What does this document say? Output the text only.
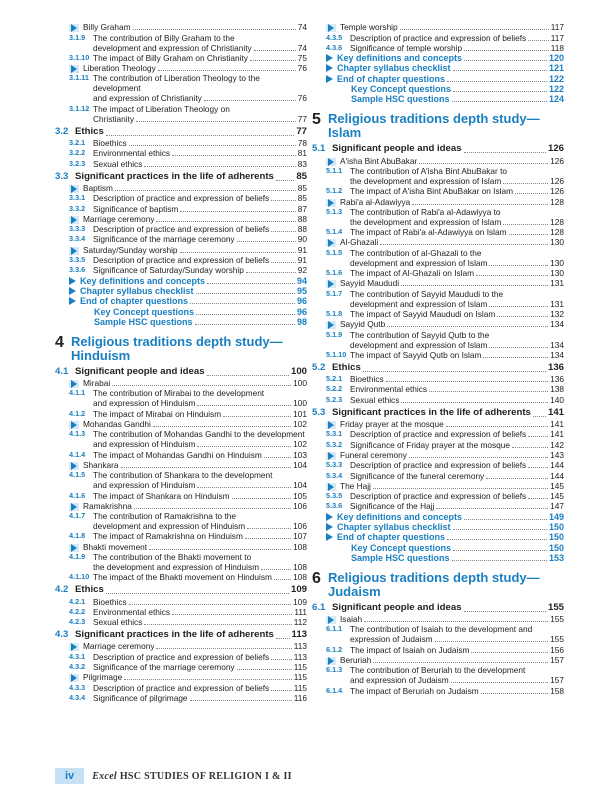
Billy Graham	74
3.1.9 The contribution of Billy Graham to the
development and expression of Christianity	74
3.1.10 The impact of Billy Graham on Christianity	75
Liberation Theology	76
3.1.11 The contribution of Liberation Theology to the development
and expression of Christianity	76
3.1.12 The impact of Liberation Theology on
Christianity	77
3.2 Ethics	77
3.2.1 Bioethics	78
3.2.2 Environmental ethics	81
3.2.3 Sexual ethics	83
3.3 Significant practices in the life of adherents 85
Baptism	85
3.3.1 Description of practice and expression of beliefs	85
3.3.2 Significance of baptism	87
Marriage ceremony	88
3.3.3 Description of practice and expression of beliefs	88
3.3.4 Significance of the marriage ceremony	90
Saturday/Sunday worship	91
3.3.5 Description of practice and expression of beliefs	91
3.3.6 Significance of Saturday/Sunday worship	92
Key definitions and concepts	94
Chapter syllabus checklist	95
End of chapter questions	96
Key Concept questions	96
Sample HSC questions	98
4 Religious traditions depth study—
Hinduism
4.1 Significant people and ideas	100
Mirabai	100
4.1.1 The contribution of Mirabai to the development
and expression of Hinduism	100
4.1.2 The impact of Mirabai on Hinduism	101
Mohandas Gandhi	102
4.1.3 The contribution of Mohandas Gandhi to the development
and expression of Hinduism	102
4.1.4 The impact of Mohandas Gandhi on Hinduism	103
Shankara	104
4.1.5 The contribution of Shankara to the development
and expression of Hinduism	104
4.1.6 The impact of Shankara on Hinduism	105
Ramakrishna	106
4.1.7 The contribution of Ramakrishna to the
development and expression of Hinduism	106
4.1.8 The impact of Ramakrishna on Hinduism	107
Bhakti movement	108
4.1.9 The contribution of the Bhakti movement to
the development and expression of Hinduism	108
4.1.10 The impact of the Bhakti movement on Hinduism	108
4.2 Ethics	109
4.2.1 Bioethics	109
4.2.2 Environmental ethics	111
4.2.3 Sexual ethics	112
4.3 Significant practices in the life of adherents 113
Marriage ceremony	113
4.3.1 Description of practice and expression of beliefs	113
4.3.2 Significance of the marriage ceremony	115
Pilgrimage	115
4.3.3 Description of practice and expression of beliefs	115
4.3.4 Significance of pilgrimage	116
Temple worship	117
4.3.5 Description of practice and expression of beliefs	117
4.3.6 Significance of temple worship	118
Key definitions and concepts	120
Chapter syllabus checklist	121
End of chapter questions	122
Key Concept questions	122
Sample HSC questions	124
5 Religious traditions depth study—
Islam
5.1 Significant people and ideas	126
A'isha Bint AbuBakar	126
5.1.1 The contribution of A'isha Bint AbuBakar to
the development and expression of Islam	126
5.1.2 The impact of A'isha Bint AbuBakar on Islam	126
Rabi'a al-Adawiyya	128
5.1.3 The contribution of Rabi'a al-Adawiyya to
the development and expression of Islam	128
5.1.4 The impact of Rabi'a al-Adawiyya on Islam	128
Al-Ghazali	130
5.1.5 The contribution of al-Ghazali to the
development and expression of Islam	130
5.1.6 The impact of Al-Ghazali on Islam	130
Sayyid Maududi	131
5.1.7 The contribution of Sayyid Maududi to the
development and expression of Islam	131
5.1.8 The impact of Sayyid Maududi on Islam	132
Sayyid Qutb	134
5.1.9 The contribution of Sayyid Qutb to the
development and expression of Islam	134
5.1.10 The impact of Sayyid Qutb on Islam	134
5.2 Ethics	136
5.2.1 Bioethics	136
5.2.2 Environmental ethics	138
5.2.3 Sexual ethics	140
5.3 Significant practices in the life of adherents 141
Friday prayer at the mosque	141
5.3.1 Description of practice and expression of beliefs	141
5.3.2 Significance of Friday prayer at the mosque	142
Funeral ceremony	143
5.3.3 Description of practice and expression of beliefs	144
5.3.4 Significance of the funeral ceremony	144
The Hajj	145
5.3.5 Description of practice and expression of beliefs	145
5.3.6 Significance of the Hajj	147
Key definitions and concepts	149
Chapter syllabus checklist	150
End of chapter questions	150
Key Concept questions	150
Sample HSC questions	153
6 Religious traditions depth study—
Judaism
6.1 Significant people and ideas	155
Isaiah	155
6.1.1 The contribution of Isaiah to the development and
expression of Judaism	155
6.1.2 The impact of Isaiah on Judaism	156
Beruriah	157
6.1.3 The contribution of Beruriah to the development
and expression of Judaism	157
6.1.4 The impact of Beruriah on Judaism	158
iv	Excel HSC STUDIES OF RELIGION I & II
